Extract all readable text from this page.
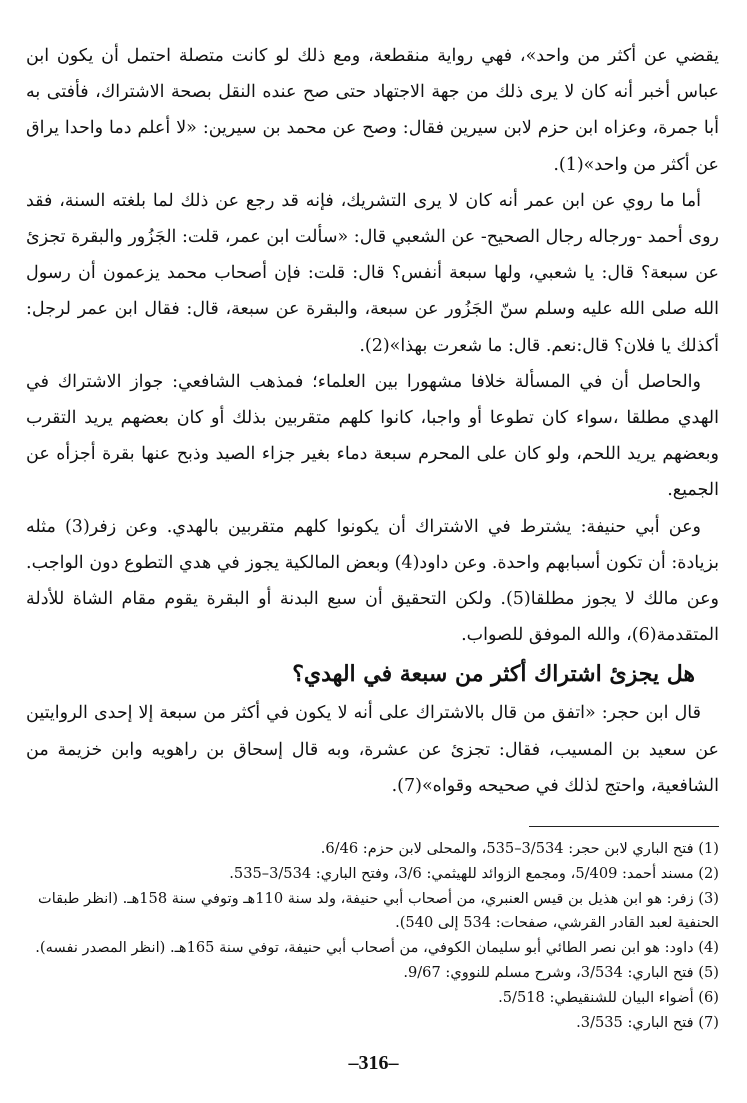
يقضي عن أكثر من واحد»، فهي رواية منقطعة، ومع ذلك لو كانت متصلة احتمل أن يكون ابن عباس أخبر أنه كان لا يرى ذلك من جهة الاجتهاد حتى صح عنده النقل بصحة الاشتراك، فأفتى به أبا جمرة، وعزاه ابن حزم لابن سيرين فقال: وصح عن محمد بن سيرين: «لا أعلم دما واحدا يراق عن أكثر من واحد»(1).

أما ما روي عن ابن عمر أنه كان لا يرى التشريك، فإنه قد رجع عن ذلك لما بلغته السنة، فقد روى أحمد -ورجاله رجال الصحيح- عن الشعبي قال: «سألت ابن عمر، قلت: الجَزُور والبقرة تجزئ عن سبعة؟ قال: يا شعبي، ولها سبعة أنفس؟ قال: قلت: فإن أصحاب محمد يزعمون أن رسول الله صلى الله عليه وسلم سنّ الجَزُور عن سبعة، والبقرة عن سبعة، قال: فقال ابن عمر لرجل: أكذلك يا فلان؟ قال:نعم. قال: ما شعرت بهذا»(2).

والحاصل أن في المسألة خلافا مشهورا بين العلماء؛ فمذهب الشافعي: جواز الاشتراك في الهدي مطلقا ،سواء كان تطوعا أو واجبا، كانوا كلهم متقربين بذلك أو كان بعضهم يريد التقرب وبعضهم يريد اللحم، ولو كان على المحرم سبعة دماء بغير جزاء الصيد وذبح عنها بقرة أجزأه عن الجميع.

وعن أبي حنيفة: يشترط في الاشتراك أن يكونوا كلهم متقربين بالهدي. وعن زفر(3) مثله بزيادة: أن تكون أسبابهم واحدة. وعن داود(4) وبعض المالكية يجوز في هدي التطوع دون الواجب. وعن مالك لا يجوز مطلقا(5). ولكن التحقيق أن سبع البدنة أو البقرة يقوم مقام الشاة للأدلة المتقدمة(6)، والله الموفق للصواب.

هل يجزئ اشتراك أكثر من سبعة في الهدي؟

قال ابن حجر: «اتفق من قال بالاشتراك على أنه لا يكون في أكثر من سبعة إلا إحدى الروايتين عن سعيد بن المسيب، فقال: تجزئ عن عشرة، وبه قال إسحاق بن راهويه وابن خزيمة من الشافعية، واحتج لذلك في صحيحه وقواه»(7).

(1) فتح الباري لابن حجر: 3/534–535، والمحلى لابن حزم: 6/46.

(2) مسند أحمد: 5/409، ومجمع الزوائد للهيثمي: 3/6، وفتح الباري: 3/534–535.

(3) زفر: هو ابن هذيل بن قيس العنبري، من أصحاب أبي حنيفة، ولد سنة 110هـ وتوفي سنة 158هـ. (انظر طبقات الحنفية لعبد القادر القرشي، صفحات: 534 إلى 540).

(4) داود: هو ابن نصر الطائي أبو سليمان الكوفي، من أصحاب أبي حنيفة، توفي سنة 165هـ. (انظر المصدر نفسه).

(5) فتح الباري: 3/534، وشرح مسلم للنووي: 9/67.

(6) أضواء البيان للشنقيطي: 5/518.

(7) فتح الباري: 3/535.

–316–
